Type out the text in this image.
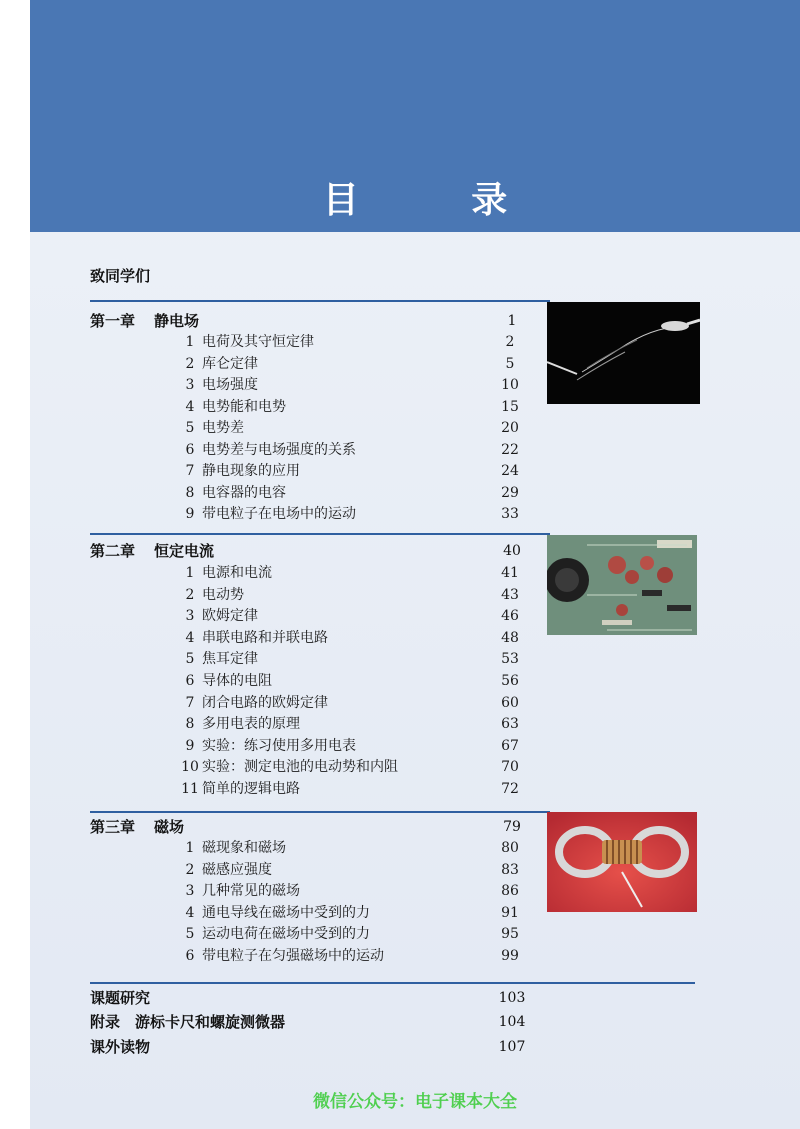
目 录
致同学们
第一章 静电场	1
1 电荷及其守恒定律	2
2 库仑定律	5
3 电场强度	10
4 电势能和电势	15
5 电势差	20
6 电势差与电场强度的关系	22
7 静电现象的应用	24
8 电容器的电容	29
9 带电粒子在电场中的运动	33
第二章 恒定电流	40
1 电源和电流	41
2 电动势	43
3 欧姆定律	46
4 串联电路和并联电路	48
5 焦耳定律	53
6 导体的电阻	56
7 闭合电路的欧姆定律	60
8 多用电表的原理	63
9 实验：练习使用多用电表	67
10 实验：测定电池的电动势和内阻	70
11 简单的逻辑电路	72
第三章 磁场	79
1 磁现象和磁场	80
2 磁感应强度	83
3 几种常见的磁场	86
4 通电导线在磁场中受到的力	91
5 运动电荷在磁场中受到的力	95
6 带电粒子在匀强磁场中的运动	99
课题研究	103
附录　游标卡尺和螺旋测微器	104
课外读物	107
微信公众号：电子课本大全
